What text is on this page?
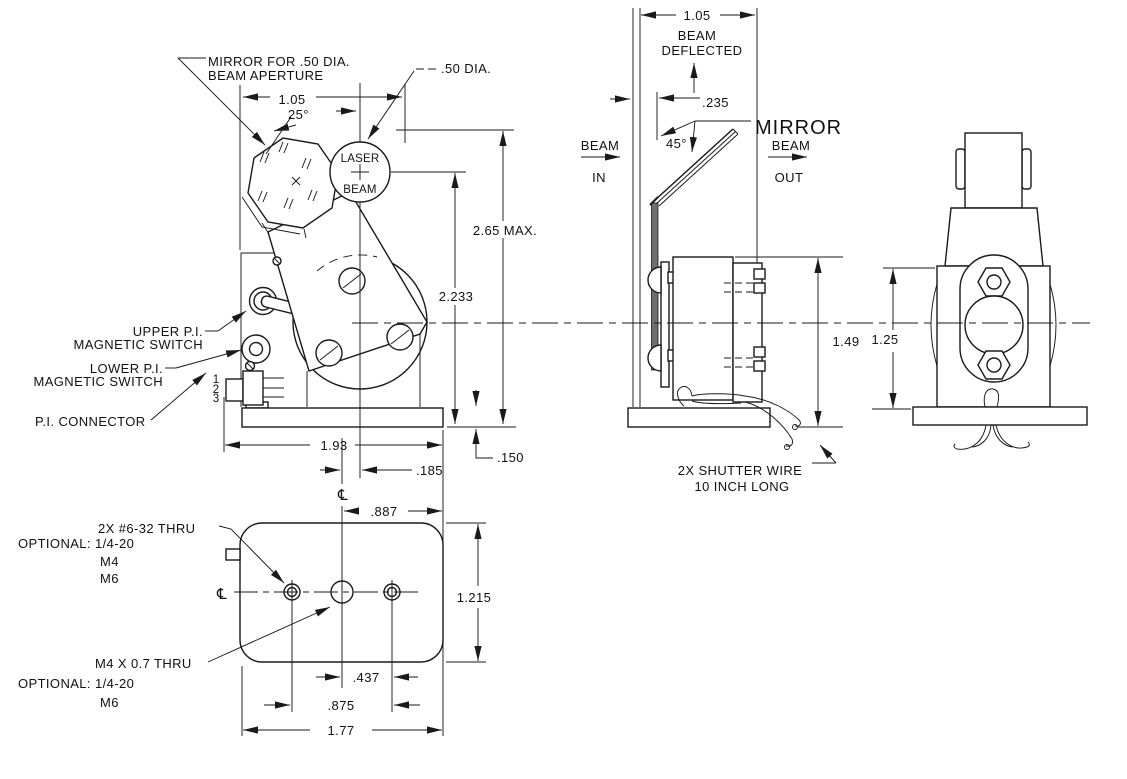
MIRROR FOR .50 DIA.
BEAM APERTURE	.50 DIA.
1.05
25°
LASER
BEAM
2.65 MAX.
2.233
UPPER P.I.
MAGNETIC SWITCH
LOWER P.I.
MAGNETIC SWITCH
P.I. CONNECTOR
1
2
3
1.93
.185
.150
℄
2X #6-32 THRU
OPTIONAL: 1/4-20
M4
M6
M4 X 0.7 THRU
OPTIONAL: 1/4-20
M6
℄
.887
1.215
.437
.875
1.77
1.05
BEAM
DEFLECTED
.235
45°
MIRROR
BEAM
IN
BEAM
OUT
1.49
2X SHUTTER WIRE
10 INCH LONG
1.25
